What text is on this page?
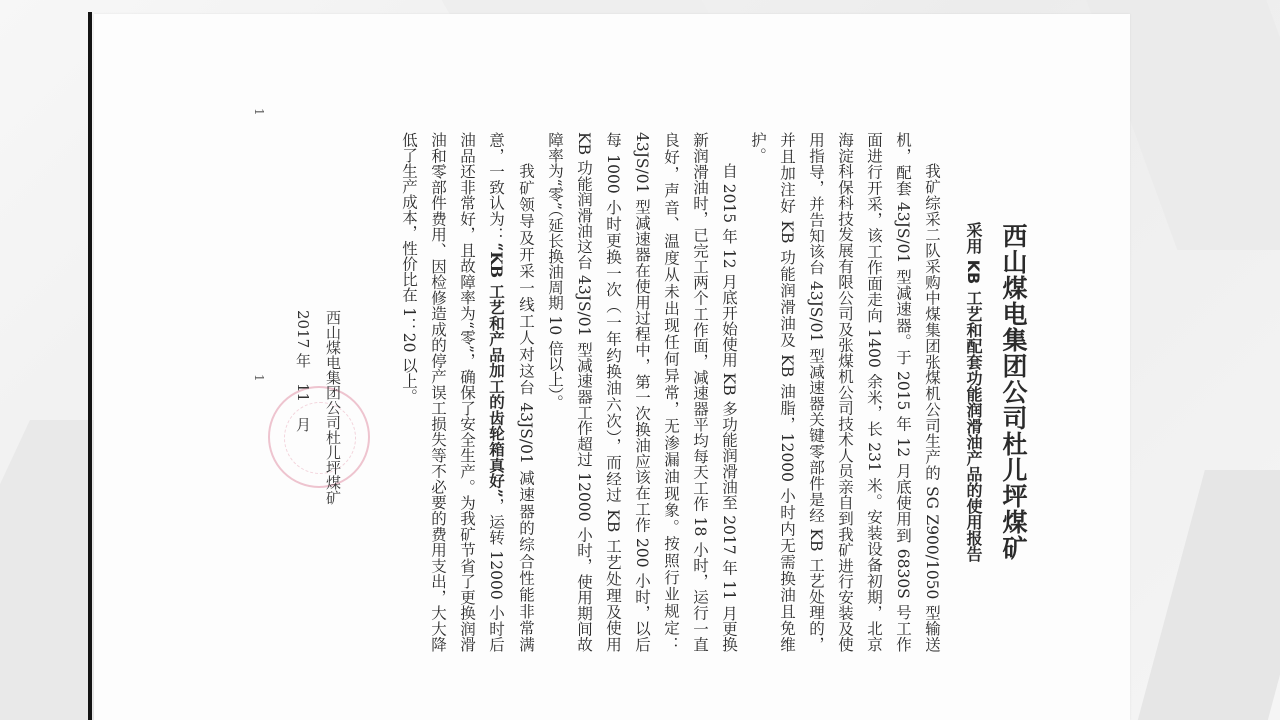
西山煤电集团公司杜儿坪煤矿
采用 KB 工艺和配套功能润滑油产品的使用报告

我矿综采二队采购中煤集团张煤机公司生产的 SG Z900/1050 型输送机，配套 43JS/01 型减速器。于 2015 年 12 月底使用到 6830S 号工作面进行开采，该工作面走向 1400 余米，长 231 米。安装设备初期，北京海淀科保科技发展有限公司及张煤机公司技术人员亲自到我矿进行安装及使用指导，并告知该台 43JS/01 型减速器关键零部件是经 KB 工艺处理的，并且加注好 KB 功能润滑油及 KB 油脂，12000 小时内无需换油且免维护。

自 2015 年 12 月底开始使用 KB 多功能润滑油至 2017 年 11 月更换新润滑油时，已完工两个工作面，减速器平均每天工作 18 小时，运行一直良好，声音、温度从未出现任何异常，无渗漏油现象。按照行业规定：43JS/01 型减速器在使用过程中，第一次换油应该在工作 200 小时，以后每 1000 小时更换一次（一年约换油六次），而经过 KB 工艺处理及使用 KB 功能润滑油这台 43JS/01 型减速器工作超过 12000 小时，使用期间故障率为“零”（延长换油周期 10 倍以上）。

我矿领导及开采一线工人对这台 43JS/01 减速器的综合性能非常满意，一致认为：“KB 工艺和产品加工的齿轮箱真好”，运转 12000 小时后油品还非常好，且故障率为“零”，确保了安全生产。为我矿节省了更换润滑油和零部件费用、因检修造成的停产误工损失等不必要的费用支出，大大降低了生产成本，性价比在 1：20 以上。

西山煤电集团公司杜儿坪煤矿
2017 年　11　月
1
1
